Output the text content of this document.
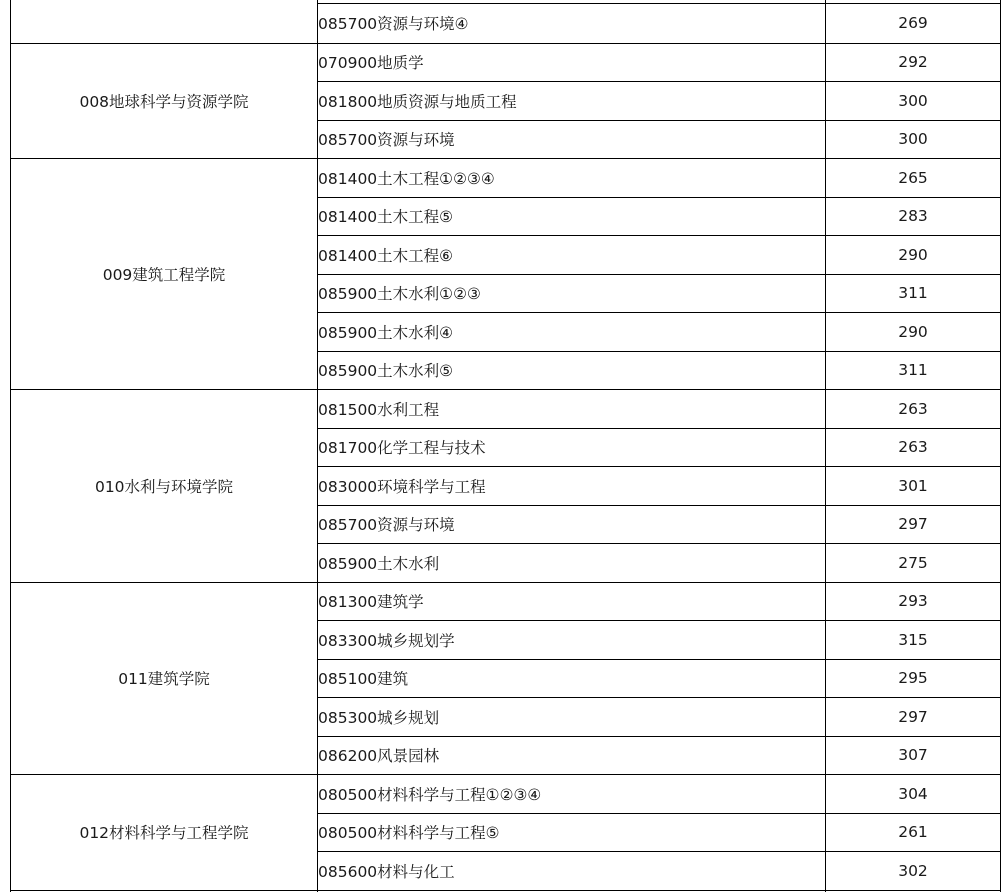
	085700资源与环境④	269
008地球科学与资源学院	070900地质学	292
	081800地质资源与地质工程	300
	085700资源与环境	300
009建筑工程学院	081400土木工程①②③④	265
	081400土木工程⑤	283
	081400土木工程⑥	290
	085900土木水利①②③	311
	085900土木水利④	290
	085900土木水利⑤	311
010水利与环境学院	081500水利工程	263
	081700化学工程与技术	263
	083000环境科学与工程	301
	085700资源与环境	297
	085900土木水利	275
011建筑学院	081300建筑学	293
	083300城乡规划学	315
	085100建筑	295
	085300城乡规划	297
	086200风景园林	307
012材料科学与工程学院	080500材料科学与工程①②③④	304
	080500材料科学与工程⑤	261
	085600材料与化工	302
